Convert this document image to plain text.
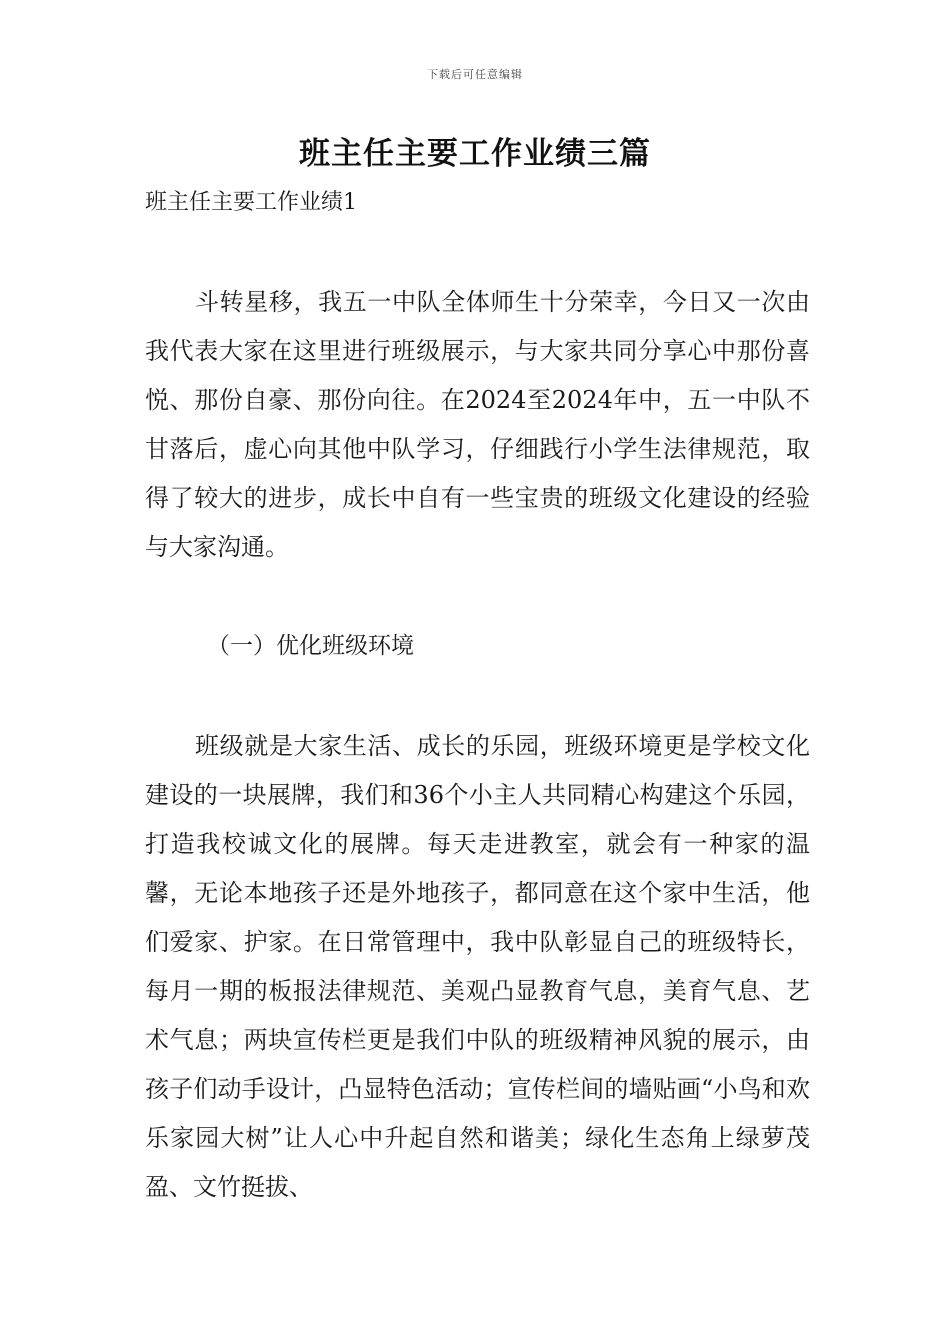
下载后可任意编辑
班主任主要工作业绩三篇
班主任主要工作业绩1

斗转星移，我五一中队全体师生十分荣幸，今日又一次由我代表大家在这里进行班级展示，与大家共同分享心中那份喜悦、那份自豪、那份向往。在2024至2024年中，五一中队不甘落后，虚心向其他中队学习，仔细践行小学生法律规范，取得了较大的进步，成长中自有一些宝贵的班级文化建设的经验与大家沟通。

（一）优化班级环境

班级就是大家生活、成长的乐园，班级环境更是学校文化建设的一块展牌，我们和36个小主人共同精心构建这个乐园，打造我校诚文化的展牌。每天走进教室，就会有一种家的温馨，无论本地孩子还是外地孩子，都同意在这个家中生活，他们爱家、护家。在日常管理中，我中队彰显自己的班级特长，每月一期的板报法律规范、美观凸显教育气息，美育气息、艺术气息；两块宣传栏更是我们中队的班级精神风貌的展示，由孩子们动手设计，凸显特色活动；宣传栏间的墙贴画“小鸟和欢乐家园大树”让人心中升起自然和谐美；绿化生态角上绿萝茂盈、文竹挺拔、
